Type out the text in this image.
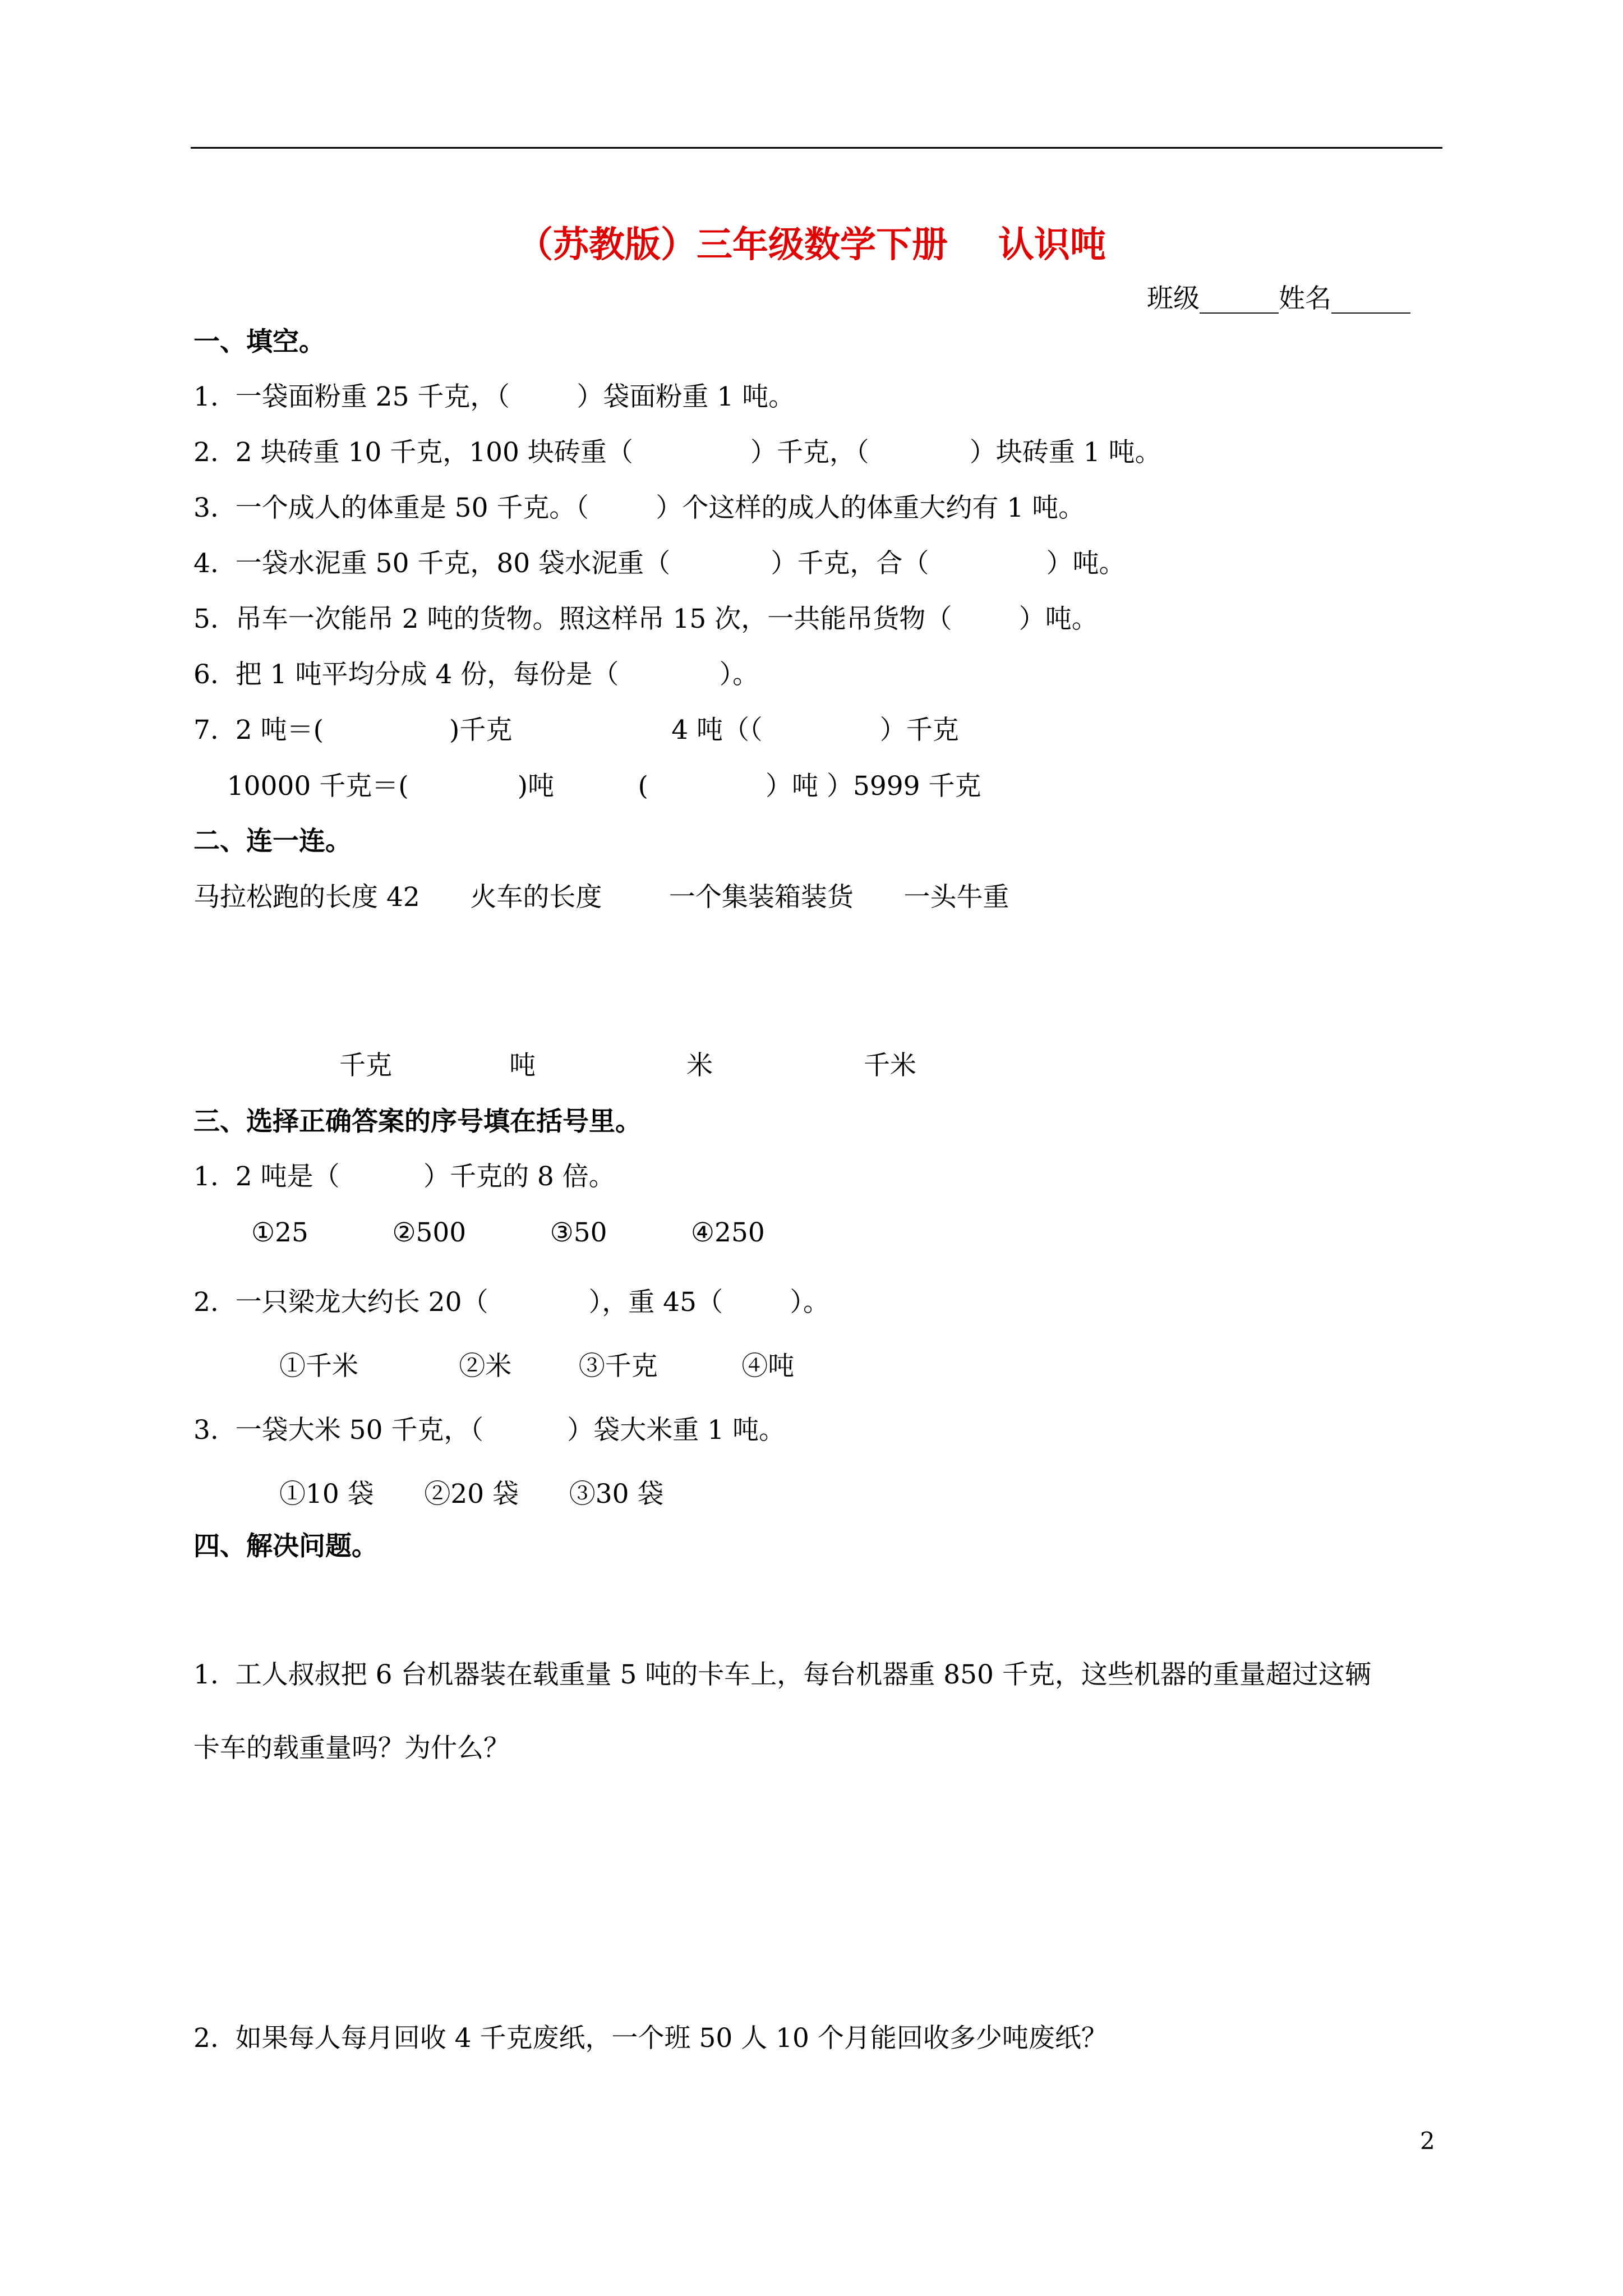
（苏教版）三年级数学下册 认识吨
班级______姓名______
一、填空。
1.  一袋面粉重 25 千克，（        ）袋面粉重 1 吨。
2.  2 块砖重 10 千克，100 块砖重（              ）千克，（            ）块砖重 1 吨。
3.  一个成人的体重是 50 千克。（        ）个这样的成人的体重大约有 1 吨。
4.  一袋水泥重 50 千克，80 袋水泥重（            ）千克，合（              ）吨。
5.  吊车一次能吊 2 吨的货物。照这样吊 15 次，一共能吊货物（        ）吨。
6.  把 1 吨平均分成 4 份，每份是（            ）。
7.  2 吨＝(               )千克                   4 吨（（              ）千克
10000 千克＝(             )吨          (              ）吨 ）5999 千克
二、连一连。
马拉松跑的长度 42      火车的长度        一个集装箱装货      一头牛重
千克              吨                  米                  千米
三、选择正确答案的序号填在括号里。
1.  2 吨是（          ）千克的 8 倍。
①25          ②500          ③50          ④250
2.  一只梁龙大约长 20（            ），重 45（        ）。
①千米            ②米        ③千克          ④吨
3.  一袋大米 50 千克，（          ）袋大米重 1 吨。
①10 袋      ②20 袋      ③30 袋
四、解决问题。
1.  工人叔叔把 6 台机器装在载重量 5 吨的卡车上，每台机器重 850 千克，这些机器的重量超过这辆
卡车的载重量吗？为什么？
2.  如果每人每月回收 4 千克废纸，一个班 50 人 10 个月能回收多少吨废纸？
2
